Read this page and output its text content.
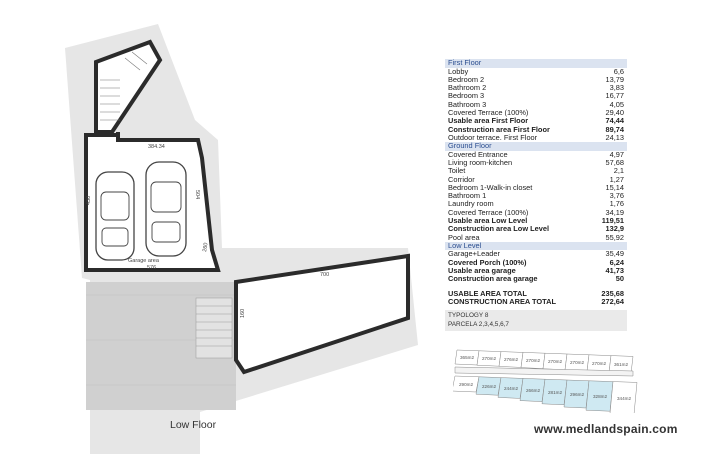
384.34
430
504
Garage area
576
260
700
160
Low Floor
First Floor
Lobby	6,6
Bedroom 2	13,79
Bathroom 2	3,83
Bedroom 3	16,77
Bathroom 3	4,05
Covered Terrace (100%)	29,40
Usable area First Floor	74,44
Construction area First Floor	89,74
Outdoor terrace. First Floor	24,13
Ground Floor
Covered Entrance	4,97
Living room-kitchen	57,68
Toilet	2,1
Corridor	1,27
Bedroom 1-Walk-in closet	15,14
Bathroom 1	3,76
Laundry room	1,76
Covered Terrace (100%)	34,19
Usable area Low Level	119,51
Construction area Low Level	132,9
Pool area	55,92
Low Level
Garage+Leader	35,49
Covered Porch (100%)	6,24
Usable area garage	41,73
Construction area garage	50
USABLE AREA TOTAL	235,68
CONSTRUCTION AREA TOTAL	272,64
TYPOLOGY 8
PARCELA 2,3,4,5,6,7
365m2 270m2 276m2 270m2 270m2 270m2 270m2 361m2
290m2 226m2 244m2 266m2 281m2 296m2 328m2 344m2
www.medlandspain.com
